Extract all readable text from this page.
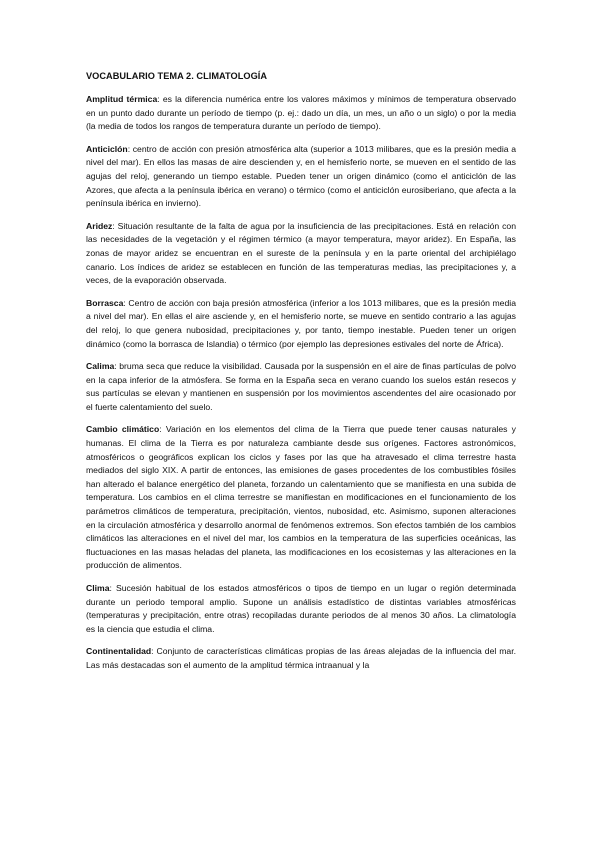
VOCABULARIO TEMA 2. CLIMATOLOGÍA

Amplitud térmica: es la diferencia numérica entre los valores máximos y mínimos de temperatura observado en un punto dado durante un período de tiempo (p. ej.: dado un día, un mes, un año o un siglo) o por la media (la media de todos los rangos de temperatura durante un período de tiempo).

Anticiclón: centro de acción con presión atmosférica alta (superior a 1013 milibares, que es la presión media a nivel del mar). En ellos las masas de aire descienden y, en el hemisferio norte, se mueven en el sentido de las agujas del reloj, generando un tiempo estable. Pueden tener un origen dinámico (como el anticiclón de las Azores, que afecta a la península ibérica en verano) o térmico (como el anticiclón eurosiberiano, que afecta a la península ibérica en invierno).

Aridez: Situación resultante de la falta de agua por la insuficiencia de las precipitaciones. Está en relación con las necesidades de la vegetación y el régimen térmico (a mayor temperatura, mayor aridez). En España, las zonas de mayor aridez se encuentran en el sureste de la península y en la parte oriental del archipiélago canario. Los índices de aridez se establecen en función de las temperaturas medias, las precipitaciones y, a veces, de la evaporación observada.

Borrasca: Centro de acción con baja presión atmosférica (inferior a los 1013 milibares, que es la presión media a nivel del mar). En ellas el aire asciende y, en el hemisferio norte, se mueve en sentido contrario a las agujas del reloj, lo que genera nubosidad, precipitaciones y, por tanto, tiempo inestable. Pueden tener un origen dinámico (como la borrasca de Islandia) o térmico (por ejemplo las depresiones estivales del norte de África).

Calima: bruma seca que reduce la visibilidad. Causada por la suspensión en el aire de finas partículas de polvo en la capa inferior de la atmósfera. Se forma en la España seca en verano cuando los suelos están resecos y sus partículas se elevan y mantienen en suspensión por los movimientos ascendentes del aire ocasionado por el fuerte calentamiento del suelo.

Cambio climático: Variación en los elementos del clima de la Tierra que puede tener causas naturales y humanas. El clima de la Tierra es por naturaleza cambiante desde sus orígenes. Factores astronómicos, atmosféricos o geográficos explican los ciclos y fases por las que ha atravesado el clima terrestre hasta mediados del siglo XIX. A partir de entonces, las emisiones de gases procedentes de los combustibles fósiles han alterado el balance energético del planeta, forzando un calentamiento que se manifiesta en una subida de temperatura. Los cambios en el clima terrestre se manifiestan en modificaciones en el funcionamiento de los parámetros climáticos de temperatura, precipitación, vientos, nubosidad, etc. Asimismo, suponen alteraciones en la circulación atmosférica y desarrollo anormal de fenómenos extremos. Son efectos también de los cambios climáticos las alteraciones en el nivel del mar, los cambios en la temperatura de las superficies oceánicas, las fluctuaciones en las masas heladas del planeta, las modificaciones en los ecosistemas y las alteraciones en la producción de alimentos.

Clima: Sucesión habitual de los estados atmosféricos o tipos de tiempo en un lugar o región determinada durante un periodo temporal amplio. Supone un análisis estadístico de distintas variables atmosféricas (temperaturas y precipitación, entre otras) recopiladas durante periodos de al menos 30 años. La climatología es la ciencia que estudia el clima.

Continentalidad: Conjunto de características climáticas propias de las áreas alejadas de la influencia del mar. Las más destacadas son el aumento de la amplitud térmica intraanual y la
